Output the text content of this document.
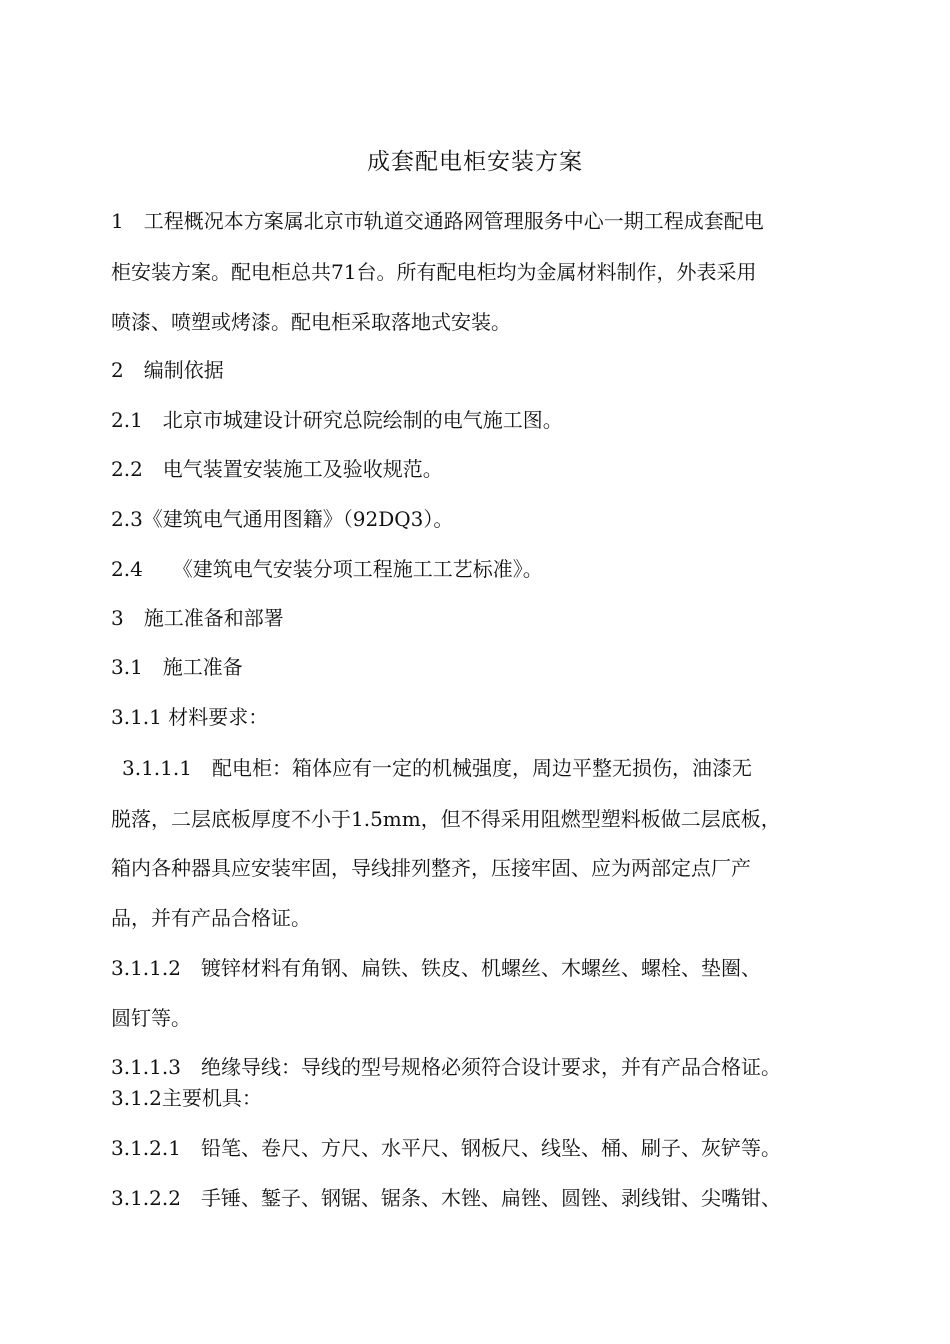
成套配电柜安装方案
1　工程概况本方案属北京市轨道交通路网管理服务中心一期工程成套配电
柜安装方案。配电柜总共71台。所有配电柜均为金属材料制作，外表采用
喷漆、喷塑或烤漆。配电柜采取落地式安装。
2　编制依据
2.1　北京市城建设计研究总院绘制的电气施工图。
2.2　电气装置安装施工及验收规范。
2.3《建筑电气通用图籍》（92DQ3）。
2.4　　《建筑电气安装分项工程施工工艺标准》。
3　施工准备和部署
3.1　施工准备
3.1.1 材料要求：
3.1.1.1　配电柜：箱体应有一定的机械强度，周边平整无损伤，油漆无
脱落，二层底板厚度不小于1.5mm，但不得采用阻燃型塑料板做二层底板，
箱内各种器具应安装牢固，导线排列整齐，压接牢固、应为两部定点厂产
品，并有产品合格证。
3.1.1.2　镀锌材料有角钢、扁铁、铁皮、机螺丝、木螺丝、螺栓、垫圈、
圆钉等。
3.1.1.3　绝缘导线：导线的型号规格必须符合设计要求，并有产品合格证。
3.1.2主要机具：
3.1.2.1　铅笔、卷尺、方尺、水平尺、钢板尺、线坠、桶、刷子、灰铲等。
3.1.2.2　手锤、錾子、钢锯、锯条、木锉、扁锉、圆锉、剥线钳、尖嘴钳、
